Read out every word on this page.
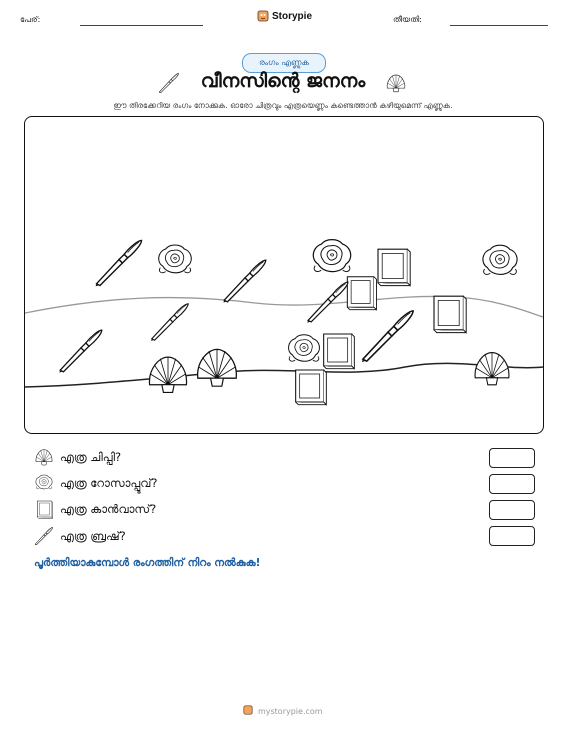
പേര്:	Storypie	തീയതി:
രംഗം എണ്ണുക
വീനസിന്റെ ജനനം
ഈ തിരക്കേറിയ രംഗം നോക്കുക. ഓരോ ചിത്രവും എത്രയെണ്ണം കണ്ടെത്താൻ കഴിയുമെന്ന് എണ്ണുക.
എത്ര ചിപ്പി?
എത്ര റോസാപ്പൂവ്?
എത്ര കാൻവാസ്?
എത്ര ബ്രഷ്?
പൂർത്തിയാകുമ്പോൾ രംഗത്തിന് നിറം നൽകുക!
mystorypie.com
